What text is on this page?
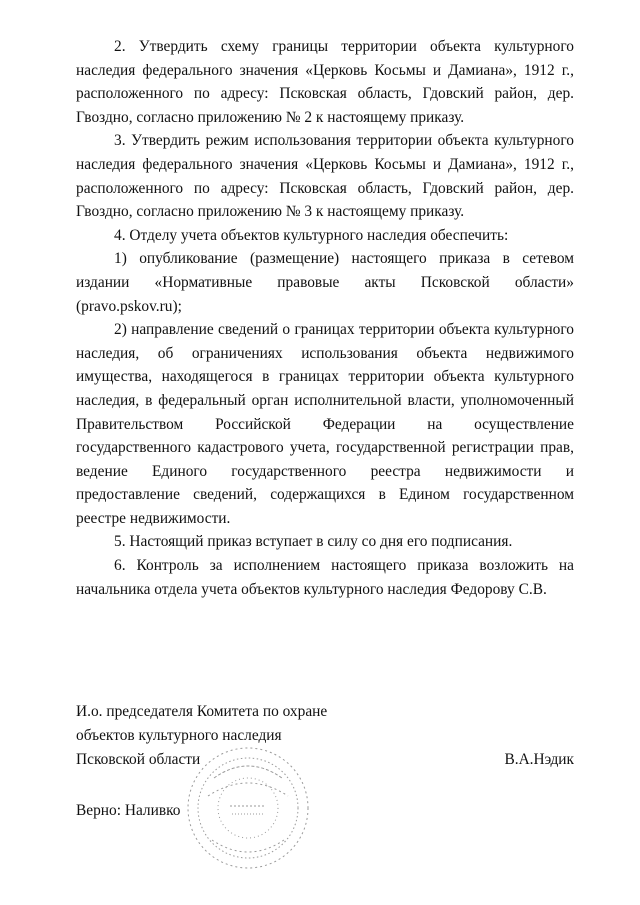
2. Утвердить схему границы территории объекта культурного наследия федерального значения «Церковь Косьмы и Дамиана», 1912 г., расположенного по адресу: Псковская область, Гдовский район, дер. Гвоздно, согласно приложению № 2 к настоящему приказу.

3. Утвердить режим использования территории объекта культурного наследия федерального значения «Церковь Косьмы и Дамиана», 1912 г., расположенного по адресу: Псковская область, Гдовский район, дер. Гвоздно, согласно приложению № 3 к настоящему приказу.

4. Отделу учета объектов культурного наследия обеспечить:

1) опубликование (размещение) настоящего приказа в сетевом издании «Нормативные правовые акты Псковской области» (pravo.pskov.ru);

2) направление сведений о границах территории объекта культурного наследия, об ограничениях использования объекта недвижимого имущества, находящегося в границах территории объекта культурного наследия, в федеральный орган исполнительной власти, уполномоченный Правительством Российской Федерации на осуществление государственного кадастрового учета, государственной регистрации прав, ведение Единого государственного реестра недвижимости и предоставление сведений, содержащихся в Едином государственном реестре недвижимости.

5. Настоящий приказ вступает в силу со дня его подписания.

6. Контроль за исполнением настоящего приказа возложить на начальника отдела учета объектов культурного наследия Федорову С.В.

И.о. председателя Комитета по охране
объектов культурного наследия
Псковской области	В.А.Нэдик
Верно: Наливко
